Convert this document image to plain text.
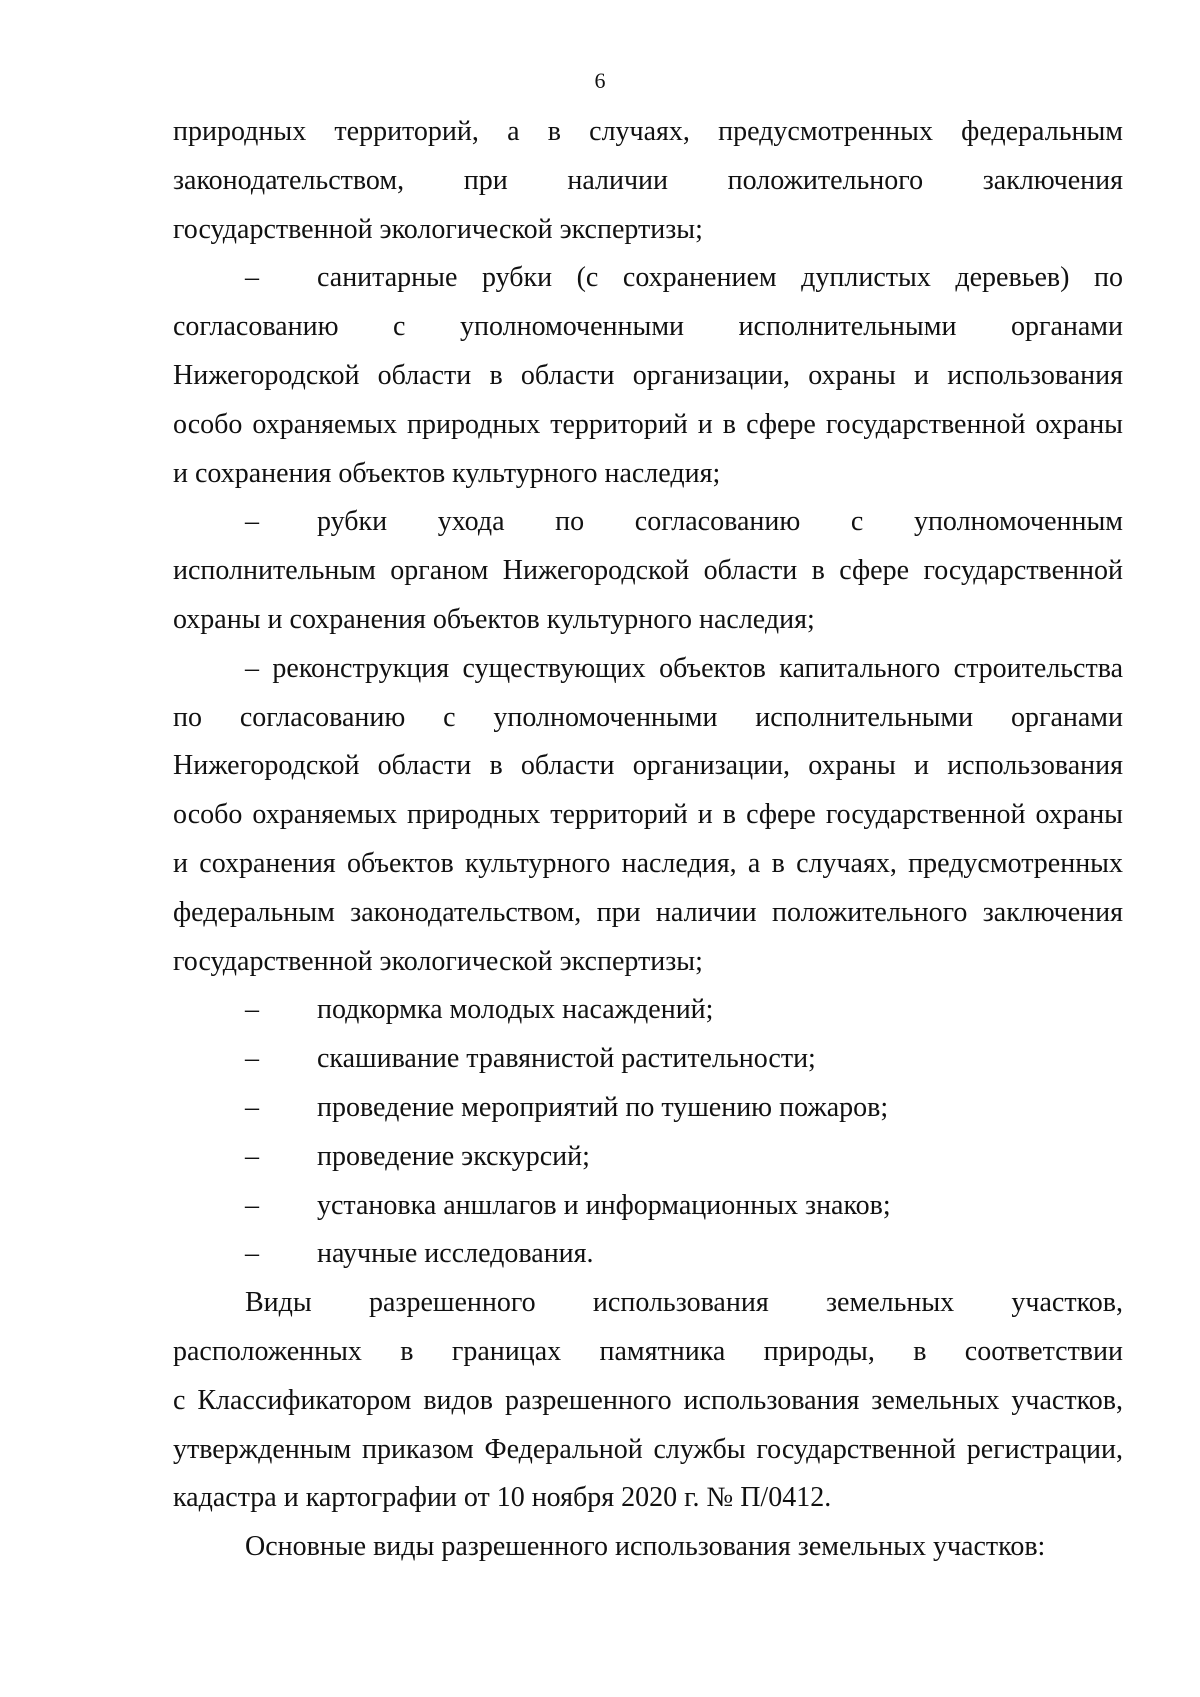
6
природных территорий, а в случаях, предусмотренных федеральным
законодательством, при наличии положительного заключения
государственной экологической экспертизы;
–	санитарные рубки (с сохранением дуплистых деревьев) по
согласованию с уполномоченными исполнительными органами
Нижегородской области в области организации, охраны и использования
особо охраняемых природных территорий и в сфере государственной охраны
и сохранения объектов культурного наследия;
–	рубки ухода по согласованию с уполномоченным
исполнительным органом Нижегородской области в сфере государственной
охраны и сохранения объектов культурного наследия;
– реконструкция существующих объектов капитального строительства
по согласованию с уполномоченными исполнительными органами
Нижегородской области в области организации, охраны и использования
особо охраняемых природных территорий и в сфере государственной охраны
и сохранения объектов культурного наследия, а в случаях, предусмотренных
федеральным законодательством, при наличии положительного заключения
государственной экологической экспертизы;
–	подкормка молодых насаждений;
–	скашивание травянистой растительности;
–	проведение мероприятий по тушению пожаров;
–	проведение экскурсий;
–	установка аншлагов и информационных знаков;
–	научные исследования.
Виды разрешенного использования земельных участков,
расположенных в границах памятника природы, в соответствии
с Классификатором видов разрешенного использования земельных участков,
утвержденным приказом Федеральной службы государственной регистрации,
кадастра и картографии от 10 ноября 2020 г. № П/0412.
Основные виды разрешенного использования земельных участков:
